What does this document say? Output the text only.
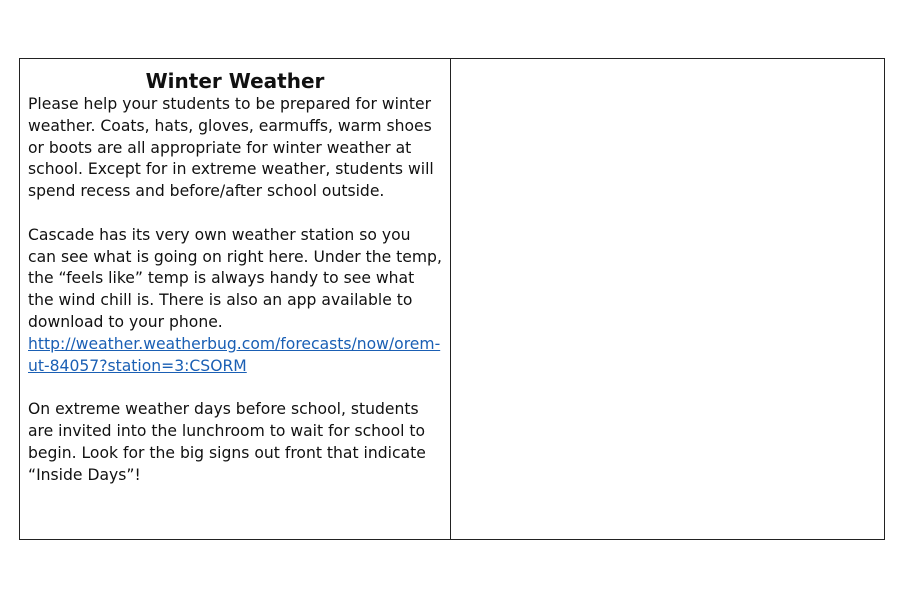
Winter Weather

Please help your students to be prepared for winter weather. Coats, hats, gloves, earmuffs, warm shoes or boots are all appropriate for winter weather at school. Except for in extreme weather, students will spend recess and before/after school outside.

Cascade has its very own weather station so you can see what is going on right here. Under the temp, the “feels like” temp is always handy to see what the wind chill is. There is also an app available to download to your phone.
http://weather.weatherbug.com/forecasts/now/orem-ut-84057?station=3:CSORM

On extreme weather days before school, students are invited into the lunchroom to wait for school to begin. Look for the big signs out front that indicate “Inside Days”!
